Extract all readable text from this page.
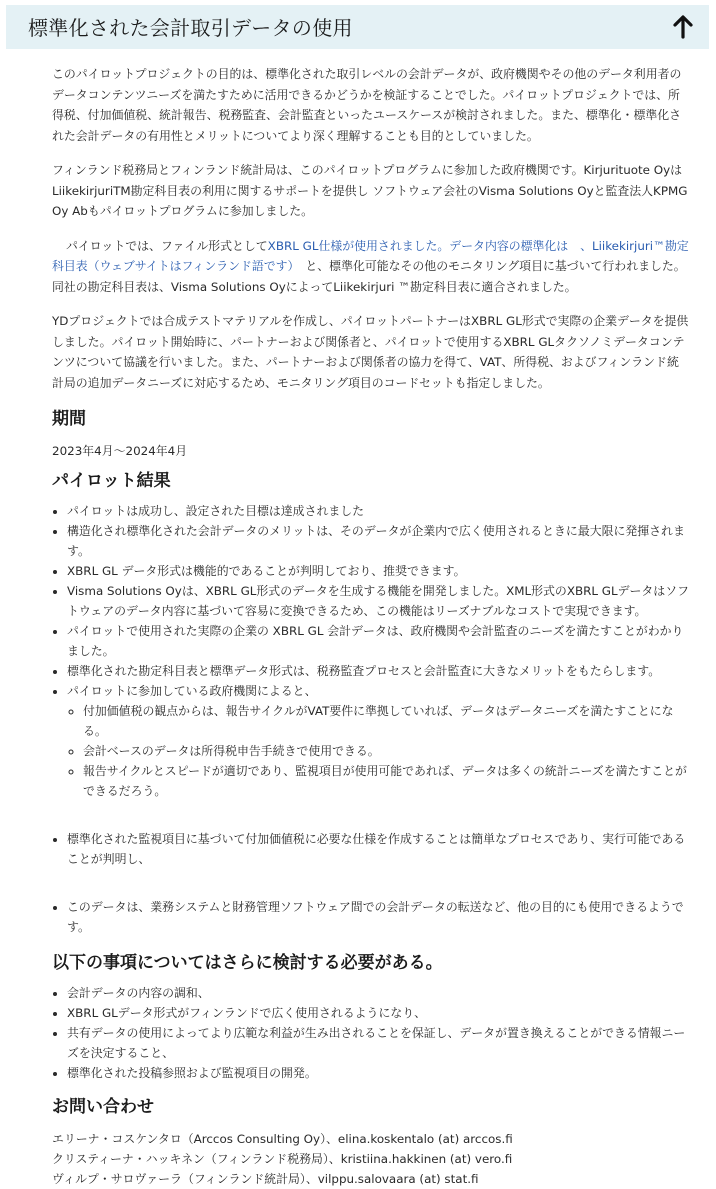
標準化された会計取引データの使用

このパイロットプロジェクトの目的は、標準化された取引レベルの会計データが、政府機関やその他のデータ利用者のデータコンテンツニーズを満たすために活用できるかどうかを検証することでした。パイロットプロジェクトでは、所得税、付加価値税、統計報告、税務監査、会計監査といったユースケースが検討されました。また、標準化・標準化された会計データの有用性とメリットについてより深く理解することも目的としていました。

フィンランド税務局とフィンランド統計局は、このパイロットプログラムに参加した政府機関です。Kirjurituote OyはLiikekirjuriTM勘定科目表の利用に関するサポートを提供し ソフトウェア会社のVisma Solutions Oyと監査法人KPMG Oy Abもパイロットプログラムに参加しました。

パイロットでは、ファイル形式としてXBRL GL仕様が使用されました。データ内容の標準化は　、Liikekirjuri™勘定科目表（ウェブサイトはフィンランド語です）　と、標準化可能なその他のモニタリング項目に基づいて行われました。同社の勘定科目表は、Visma Solutions OyによってLiikekirjuri ™勘定科目表に適合されました。

YDプロジェクトでは合成テストマテリアルを作成し、パイロットパートナーはXBRL GL形式で実際の企業データを提供しました。パイロット開始時に、パートナーおよび関係者と、パイロットで使用するXBRL GLタクソノミデータコンテンツについて協議を行いました。また、パートナーおよび関係者の協力を得て、VAT、所得税、およびフィンランド統計局の追加データニーズに対応するため、モニタリング項目のコードセットも指定しました。

期間
2023年4月～2024年4月
パイロット結果
• パイロットは成功し、設定された目標は達成されました
• 構造化され標準化された会計データのメリットは、そのデータが企業内で広く使用されるときに最大限に発揮されます。
• XBRL GL データ形式は機能的であることが判明しており、推奨できます。
• Visma Solutions Oyは、XBRL GL形式のデータを生成する機能を開発しました。XML形式のXBRL GLデータはソフトウェアのデータ内容に基づいて容易に変換できるため、この機能はリーズナブルなコストで実現できます。
• パイロットで使用された実際の企業の XBRL GL 会計データは、政府機関や会計監査のニーズを満たすことがわかりました。
• 標準化された勘定科目表と標準データ形式は、税務監査プロセスと会計監査に大きなメリットをもたらします。
• パイロットに参加している政府機関によると、
◦ 付加価値税の観点からは、報告サイクルがVAT要件に準拠していれば、データはデータニーズを満たすことになる。
◦ 会計ベースのデータは所得税申告手続きで使用できる。
◦ 報告サイクルとスピードが適切であり、監視項目が使用可能であれば、データは多くの統計ニーズを満たすことができるだろう。
• 標準化された監視項目に基づいて付加価値税に必要な仕様を作成することは簡単なプロセスであり、実行可能であることが判明し、
• このデータは、業務システムと財務管理ソフトウェア間での会計データの転送など、他の目的にも使用できるようです。
以下の事項についてはさらに検討する必要がある。
• 会計データの内容の調和、
• XBRL GLデータ形式がフィンランドで広く使用されるようになり、
• 共有データの使用によってより広範な利益が生み出されることを保証し、データが置き換えることができる情報ニーズを決定すること、
• 標準化された投稿参照および監視項目の開発。
お問い合わせ
エリーナ・コスケンタロ（Arccos Consulting Oy）、elina.koskentalo (at) arccos.fi
クリスティーナ・ハッキネン（フィンランド税務局）、kristiina.hakkinen (at) vero.fi
ヴィルプ・サロヴァーラ（フィンランド統計局）、vilppu.salovaara (at) stat.fi
